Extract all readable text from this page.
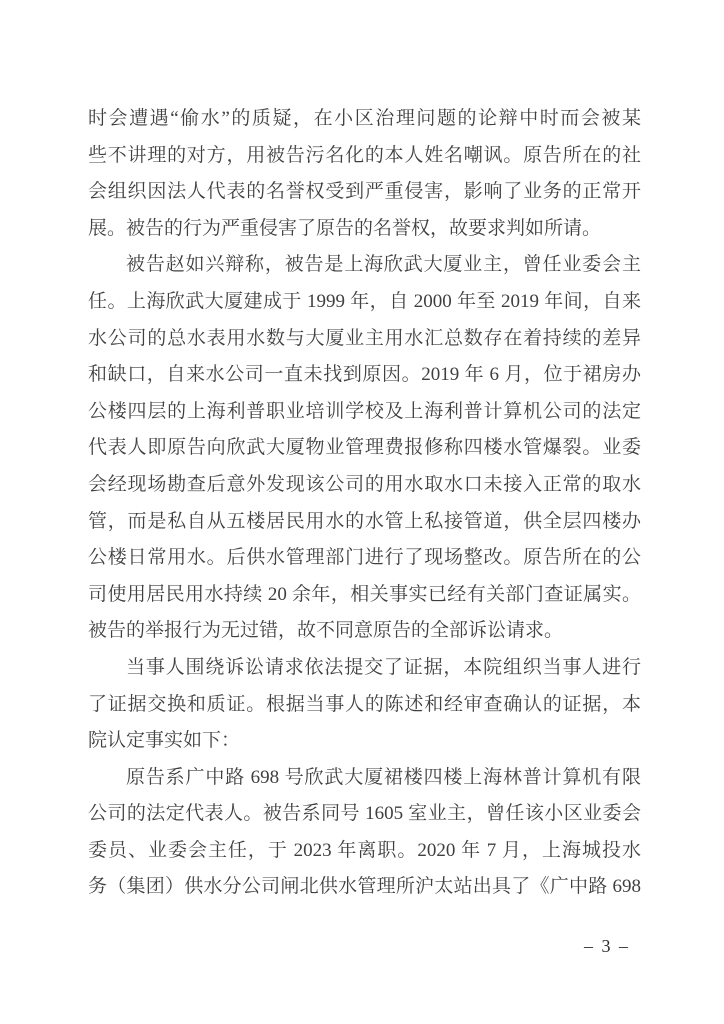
时会遭遇“偷水”的质疑，在小区治理问题的论辩中时而会被某
些不讲理的对方，用被告污名化的本人姓名嘲讽。原告所在的社
会组织因法人代表的名誉权受到严重侵害，影响了业务的正常开
展。被告的行为严重侵害了原告的名誉权，故要求判如所请。
被告赵如兴辩称，被告是上海欣武大厦业主，曾任业委会主
任。上海欣武大厦建成于 1999 年，自 2000 年至 2019 年间，自来
水公司的总水表用水数与大厦业主用水汇总数存在着持续的差异
和缺口，自来水公司一直未找到原因。2019 年 6 月，位于裙房办
公楼四层的上海利普职业培训学校及上海利普计算机公司的法定
代表人即原告向欣武大厦物业管理费报修称四楼水管爆裂。业委
会经现场勘查后意外发现该公司的用水取水口未接入正常的取水
管，而是私自从五楼居民用水的水管上私接管道，供全层四楼办
公楼日常用水。后供水管理部门进行了现场整改。原告所在的公
司使用居民用水持续 20 余年，相关事实已经有关部门查证属实。
被告的举报行为无过错，故不同意原告的全部诉讼请求。
当事人围绕诉讼请求依法提交了证据，本院组织当事人进行
了证据交换和质证。根据当事人的陈述和经审查确认的证据，本
院认定事实如下：
原告系广中路 698 号欣武大厦裙楼四楼上海林普计算机有限
公司的法定代表人。被告系同号 1605 室业主，曾任该小区业委会
委员、业委会主任，于 2023 年离职。2020 年 7 月，上海城投水
务（集团）供水分公司闸北供水管理所沪太站出具了《广中路 698
– 3 –
